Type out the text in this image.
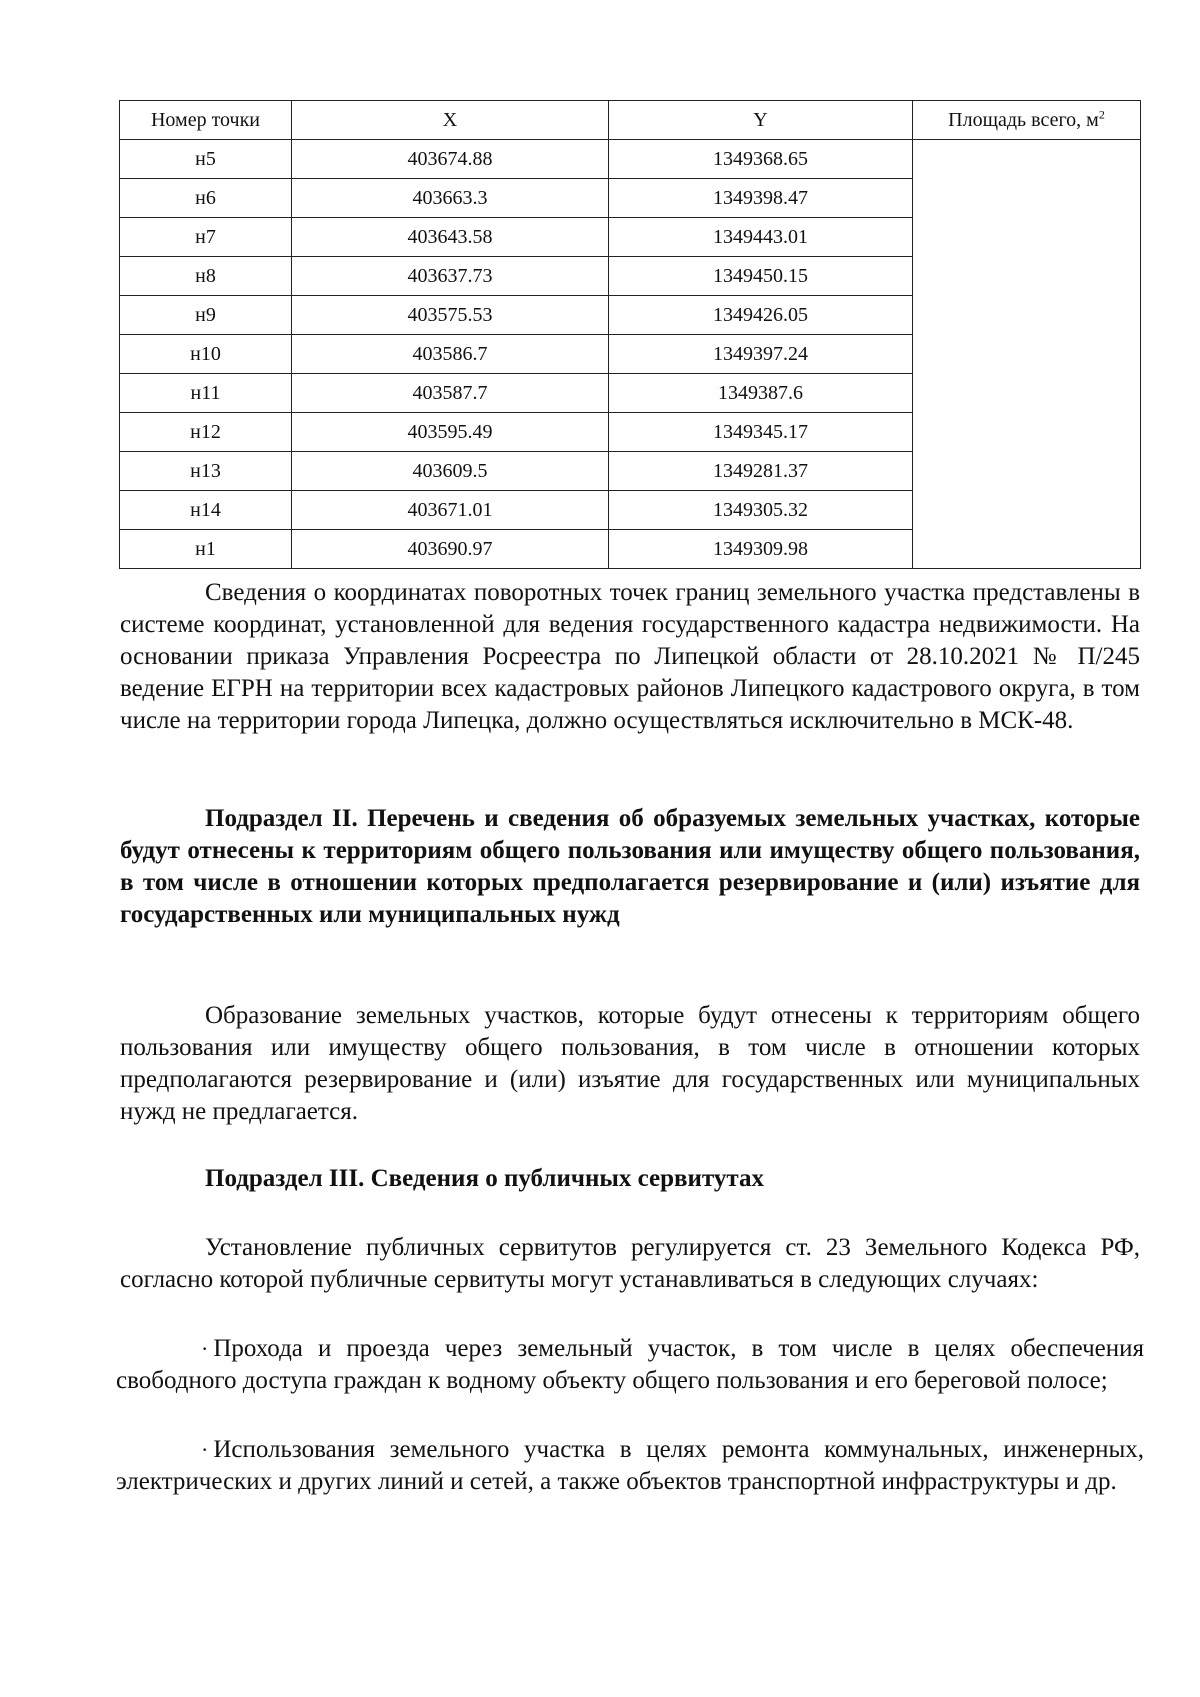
Номер точки	X	Y	Площадь всего, $м^2$
н5	403674.88	1349368.65	
н6	403663.3	1349398.47	
н7	403643.58	1349443.01	
н8	403637.73	1349450.15	
н9	403575.53	1349426.05	
н10	403586.7	1349397.24	
н11	403587.7	1349387.6	
н12	403595.49	1349345.17	
н13	403609.5	1349281.37	
н14	403671.01	1349305.32	
н1	403690.97	1349309.98	

Сведения о координатах поворотных точек границ земельного участка представлены в системе координат, установленной для ведения государственного кадастра недвижимости. На основании приказа Управления Росреестра по Липецкой области от 28.10.2021 № П/245 ведение ЕГРН на территории всех кадастровых районов Липецкого кадастрового округа, в том числе на территории города Липецка, должно осуществляться исключительно в МСК-48.

Подраздел II. Перечень и сведения об образуемых земельных участках, которые будут отнесены к территориям общего пользования или имуществу общего пользования, в том числе в отношении которых предполагается резервирование и (или) изъятие для государственных или муниципальных нужд

Образование земельных участков, которые будут отнесены к территориям общего пользования или имуществу общего пользования, в том числе в отношении которых предполагаются резервирование и (или) изъятие для государственных или муниципальных нужд не предлагается.

Подраздел III. Сведения о публичных сервитутах

Установление публичных сервитутов регулируется ст. 23 Земельного Кодекса РФ, согласно которой публичные сервитуты могут устанавливаться в следующих случаях:

· Прохода и проезда через земельный участок, в том числе в целях обеспечения свободного доступа граждан к водному объекту общего пользования и его береговой полосе;

· Использования земельного участка в целях ремонта коммунальных, инженерных, электрических и других линий и сетей, а также объектов транспортной инфраструктуры и др.
